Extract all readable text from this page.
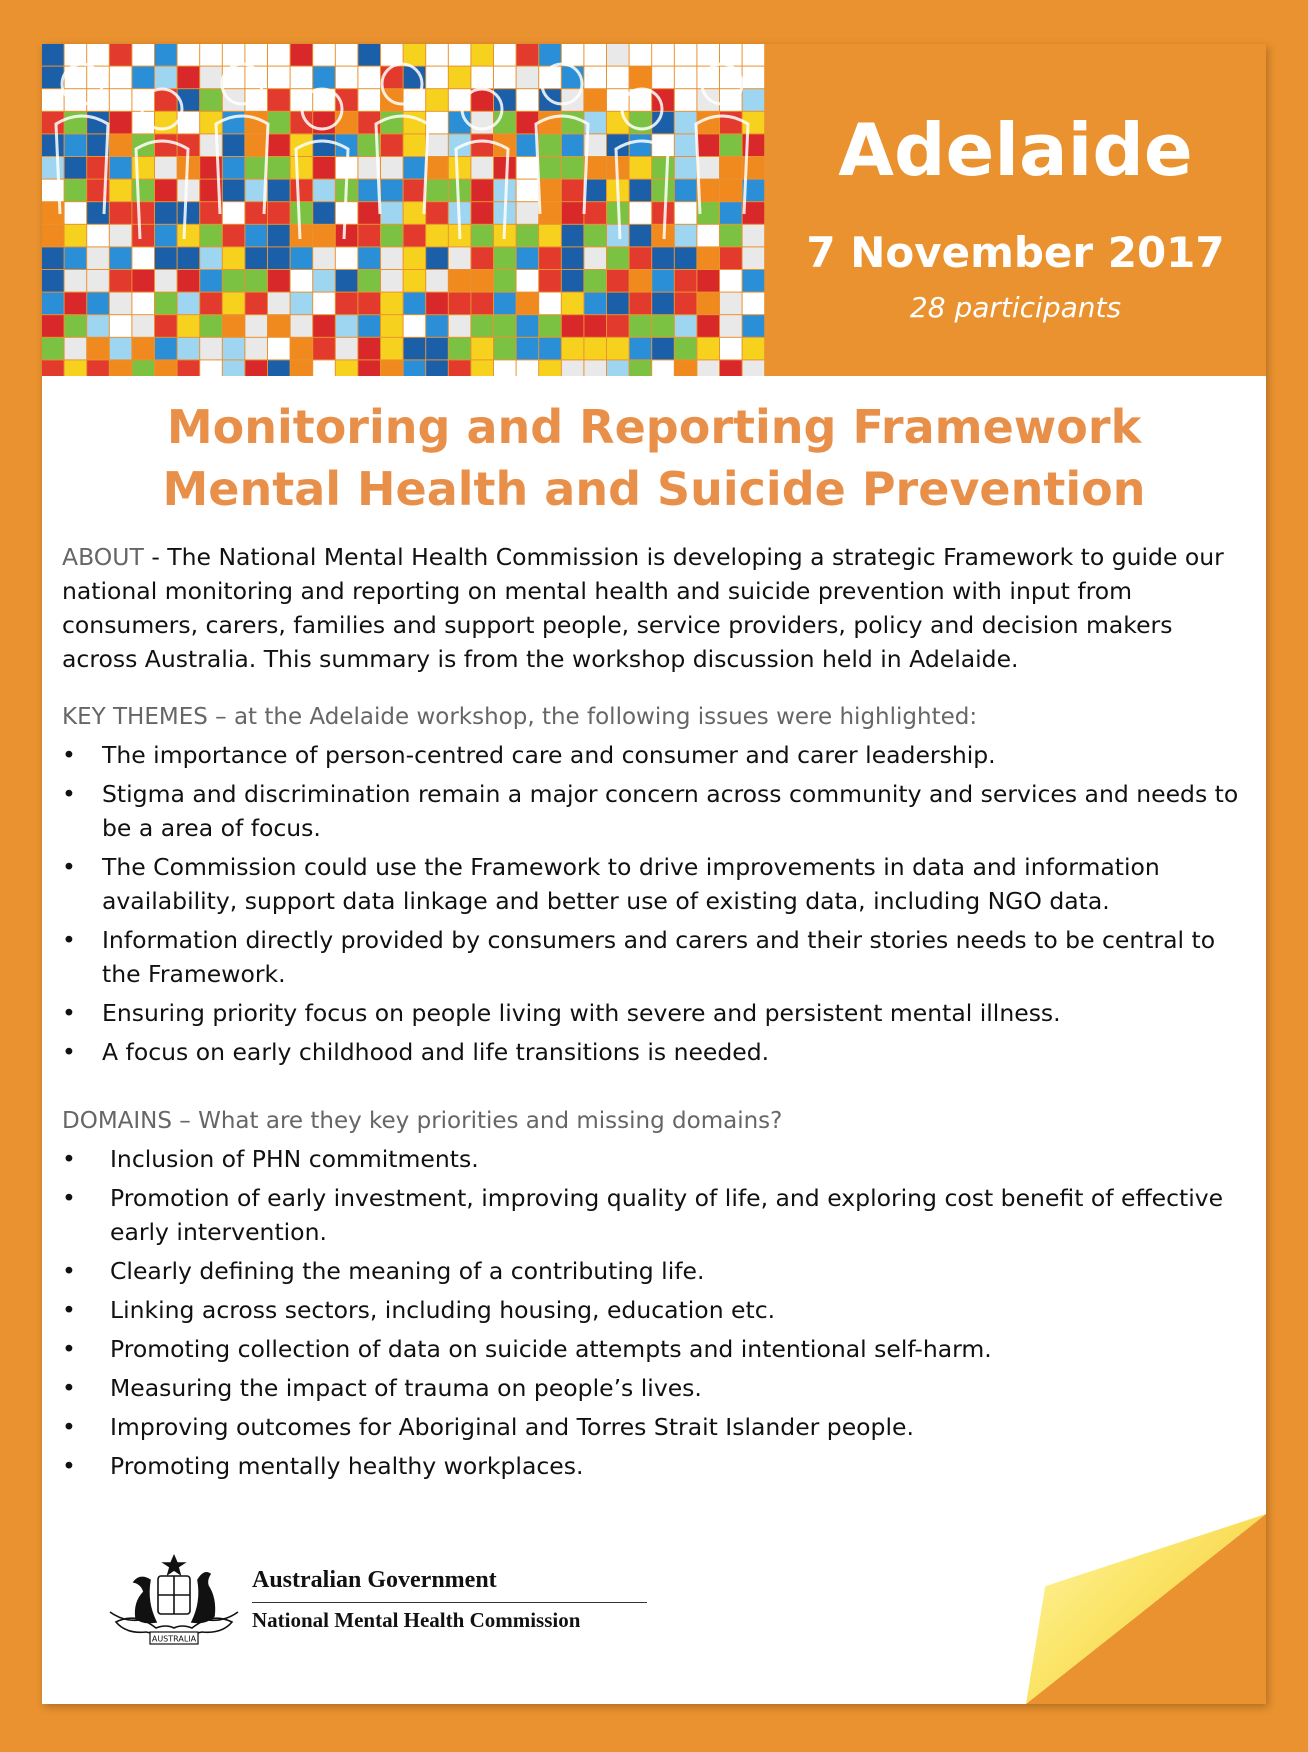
Adelaide
7 November 2017
28 participants
Monitoring and Reporting Framework
Mental Health and Suicide Prevention

ABOUT - The National Mental Health Commission is developing a strategic Framework to guide our national monitoring and reporting on mental health and suicide prevention with input from consumers, carers, families and support people, service providers, policy and decision makers across Australia. This summary is from the workshop discussion held in Adelaide.

KEY THEMES – at the Adelaide workshop, the following issues were highlighted:

• The importance of person-centred care and consumer and carer leadership.
• Stigma and discrimination remain a major concern across community and services and needs to be a area of focus.
• The Commission could use the Framework to drive improvements in data and information availability, support data linkage and better use of existing data, including NGO data.
• Information directly provided by consumers and carers and their stories needs to be central to the Framework.
• Ensuring priority focus on people living with severe and persistent mental illness.
• A focus on early childhood and life transitions is needed.

DOMAINS – What are they key priorities and missing domains?

• Inclusion of PHN commitments.
• Promotion of early investment, improving quality of life, and exploring cost benefit of effective early intervention.
• Clearly defining the meaning of a contributing life.
• Linking across sectors, including housing, education etc.
• Promoting collection of data on suicide attempts and intentional self-harm.
• Measuring the impact of trauma on people’s lives.
• Improving outcomes for Aboriginal and Torres Strait Islander people.
• Promoting mentally healthy workplaces.
AUSTRALIA
Australian Government
National Mental Health Commission
